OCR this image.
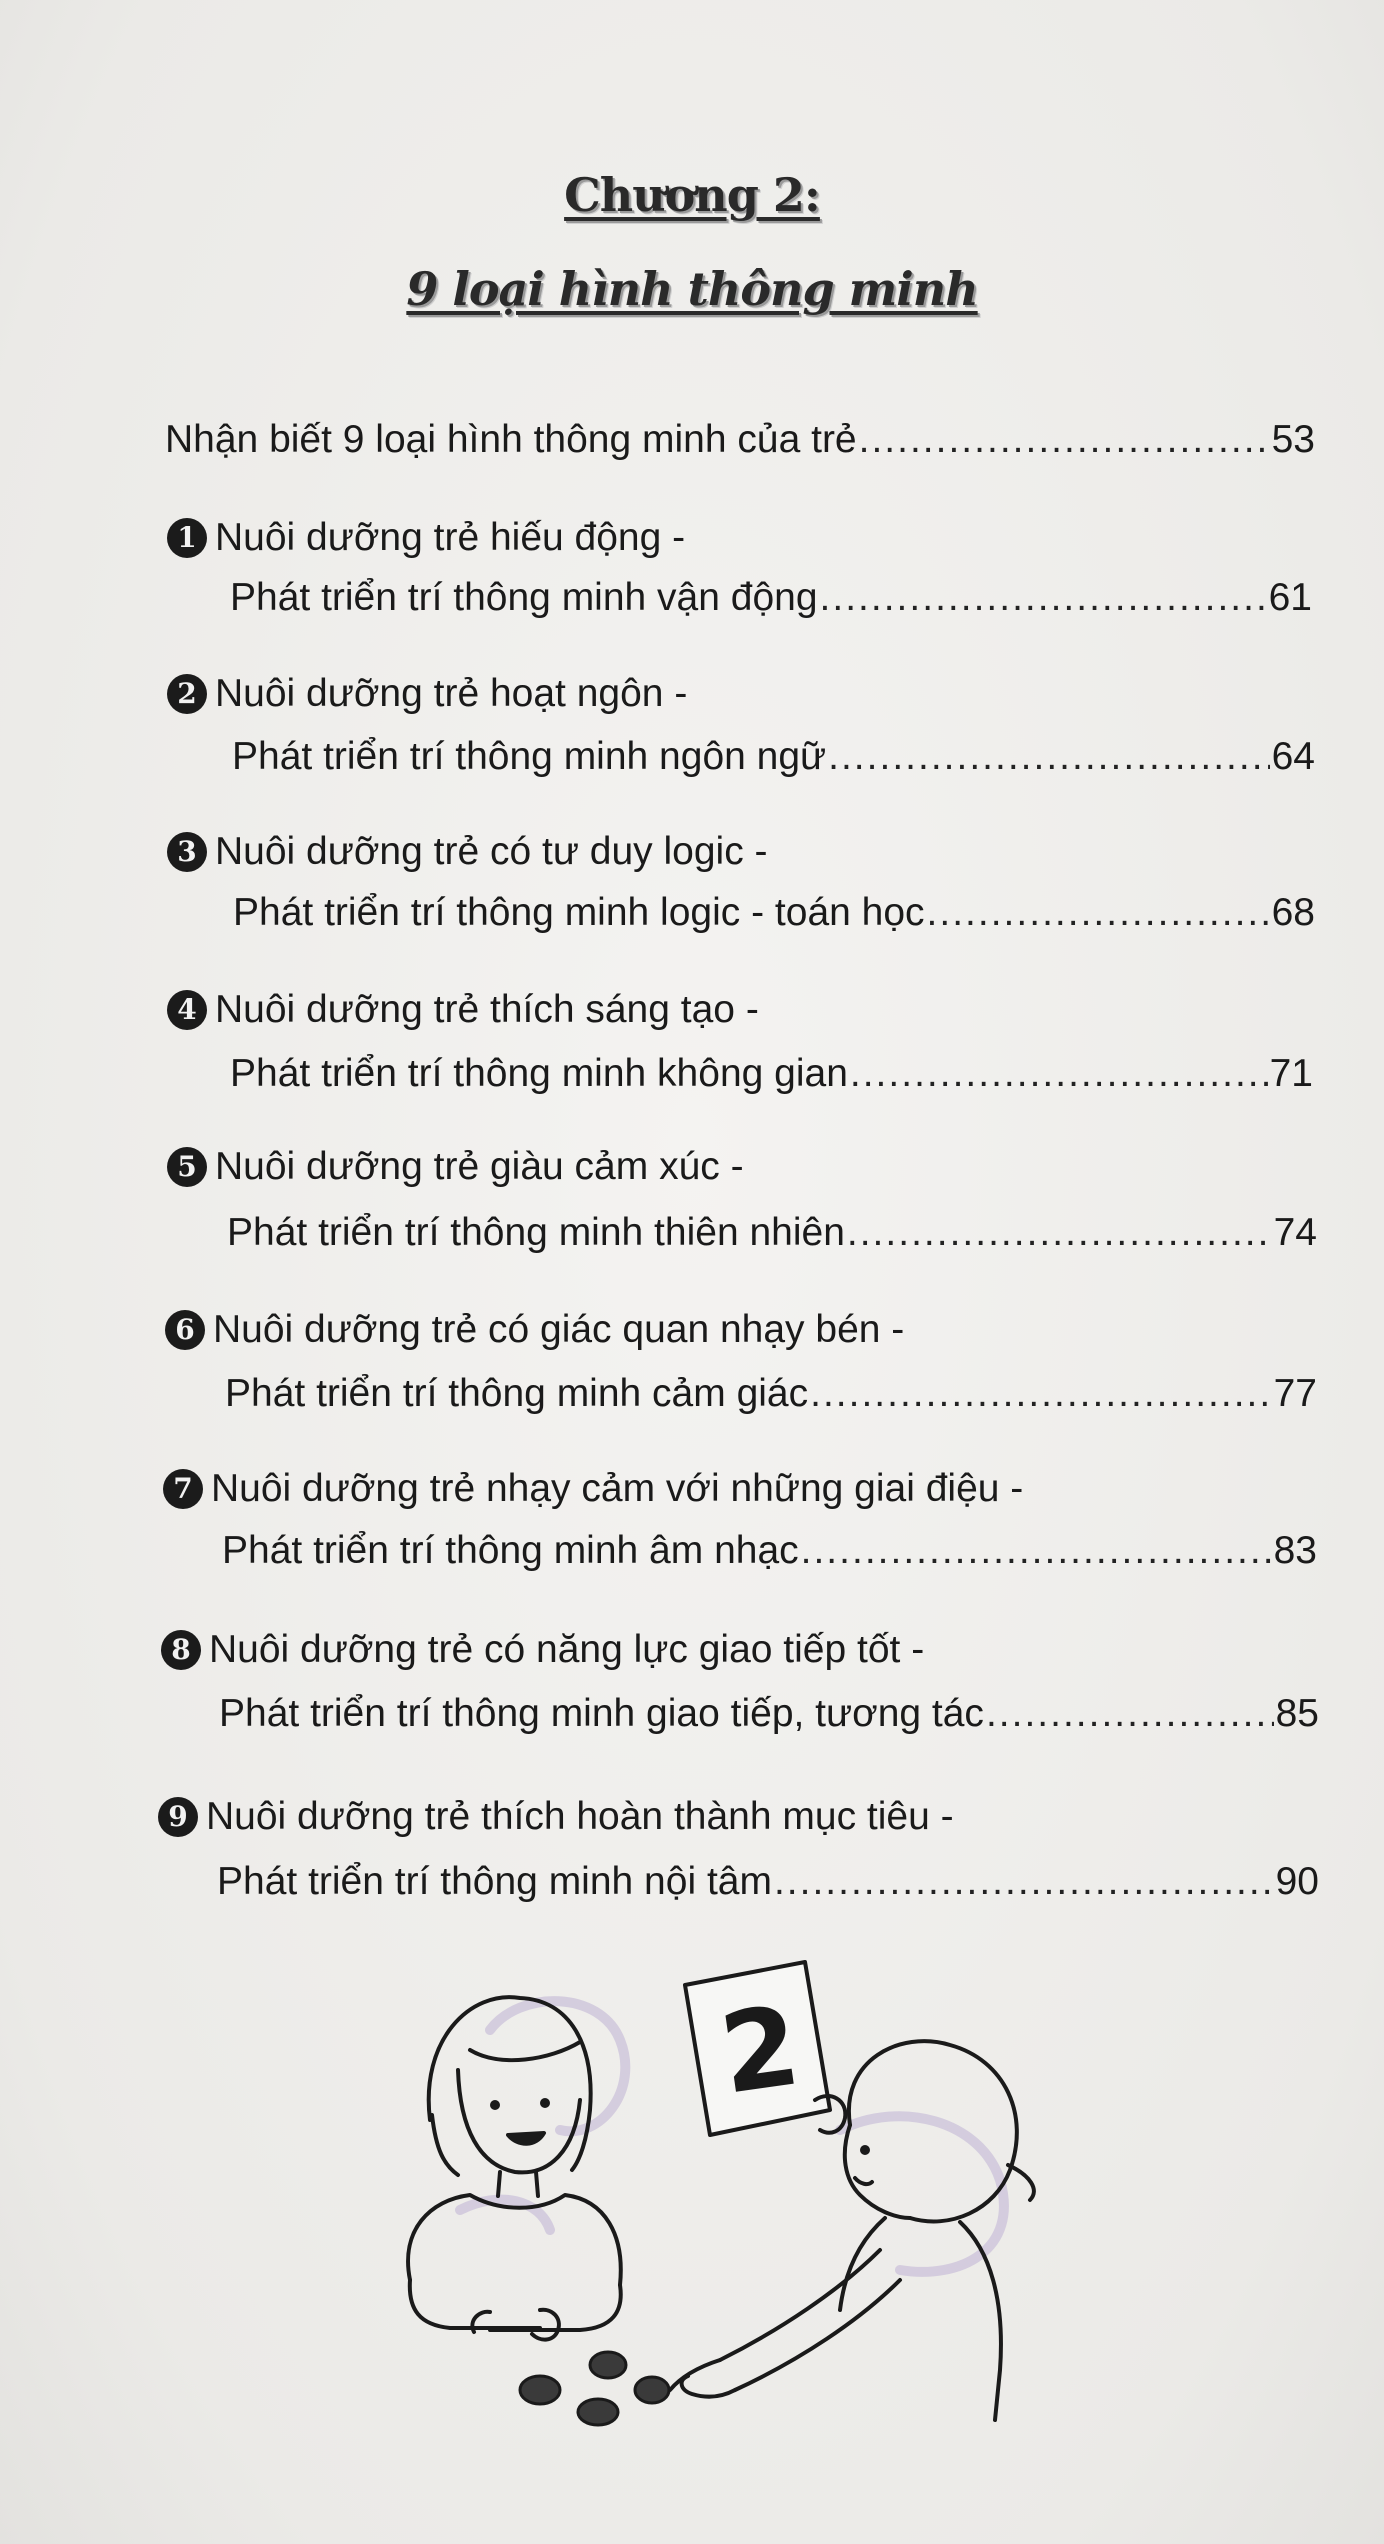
Chương 2:
9 loại hình thông minh
Nhận biết 9 loại hình thông minh của trẻ .....	53
1 Nuôi dưỡng trẻ hiếu động -
Phát triển trí thông minh vận động .....	61
2 Nuôi dưỡng trẻ hoạt ngôn -
Phát triển trí thông minh ngôn ngữ .....	64
3 Nuôi dưỡng trẻ có tư duy logic -
Phát triển trí thông minh logic - toán học .....	68
4 Nuôi dưỡng trẻ thích sáng tạo -
Phát triển trí thông minh không gian .....	71
5 Nuôi dưỡng trẻ giàu cảm xúc -
Phát triển trí thông minh thiên nhiên .....	74
6 Nuôi dưỡng trẻ có giác quan nhạy bén -
Phát triển trí thông minh cảm giác .....	77
7 Nuôi dưỡng trẻ nhạy cảm với những giai điệu -
Phát triển trí thông minh âm nhạc .....	83
8 Nuôi dưỡng trẻ có năng lực giao tiếp tốt -
Phát triển trí thông minh giao tiếp, tương tác .....	85
9 Nuôi dưỡng trẻ thích hoàn thành mục tiêu -
Phát triển trí thông minh nội tâm .....	90
2
